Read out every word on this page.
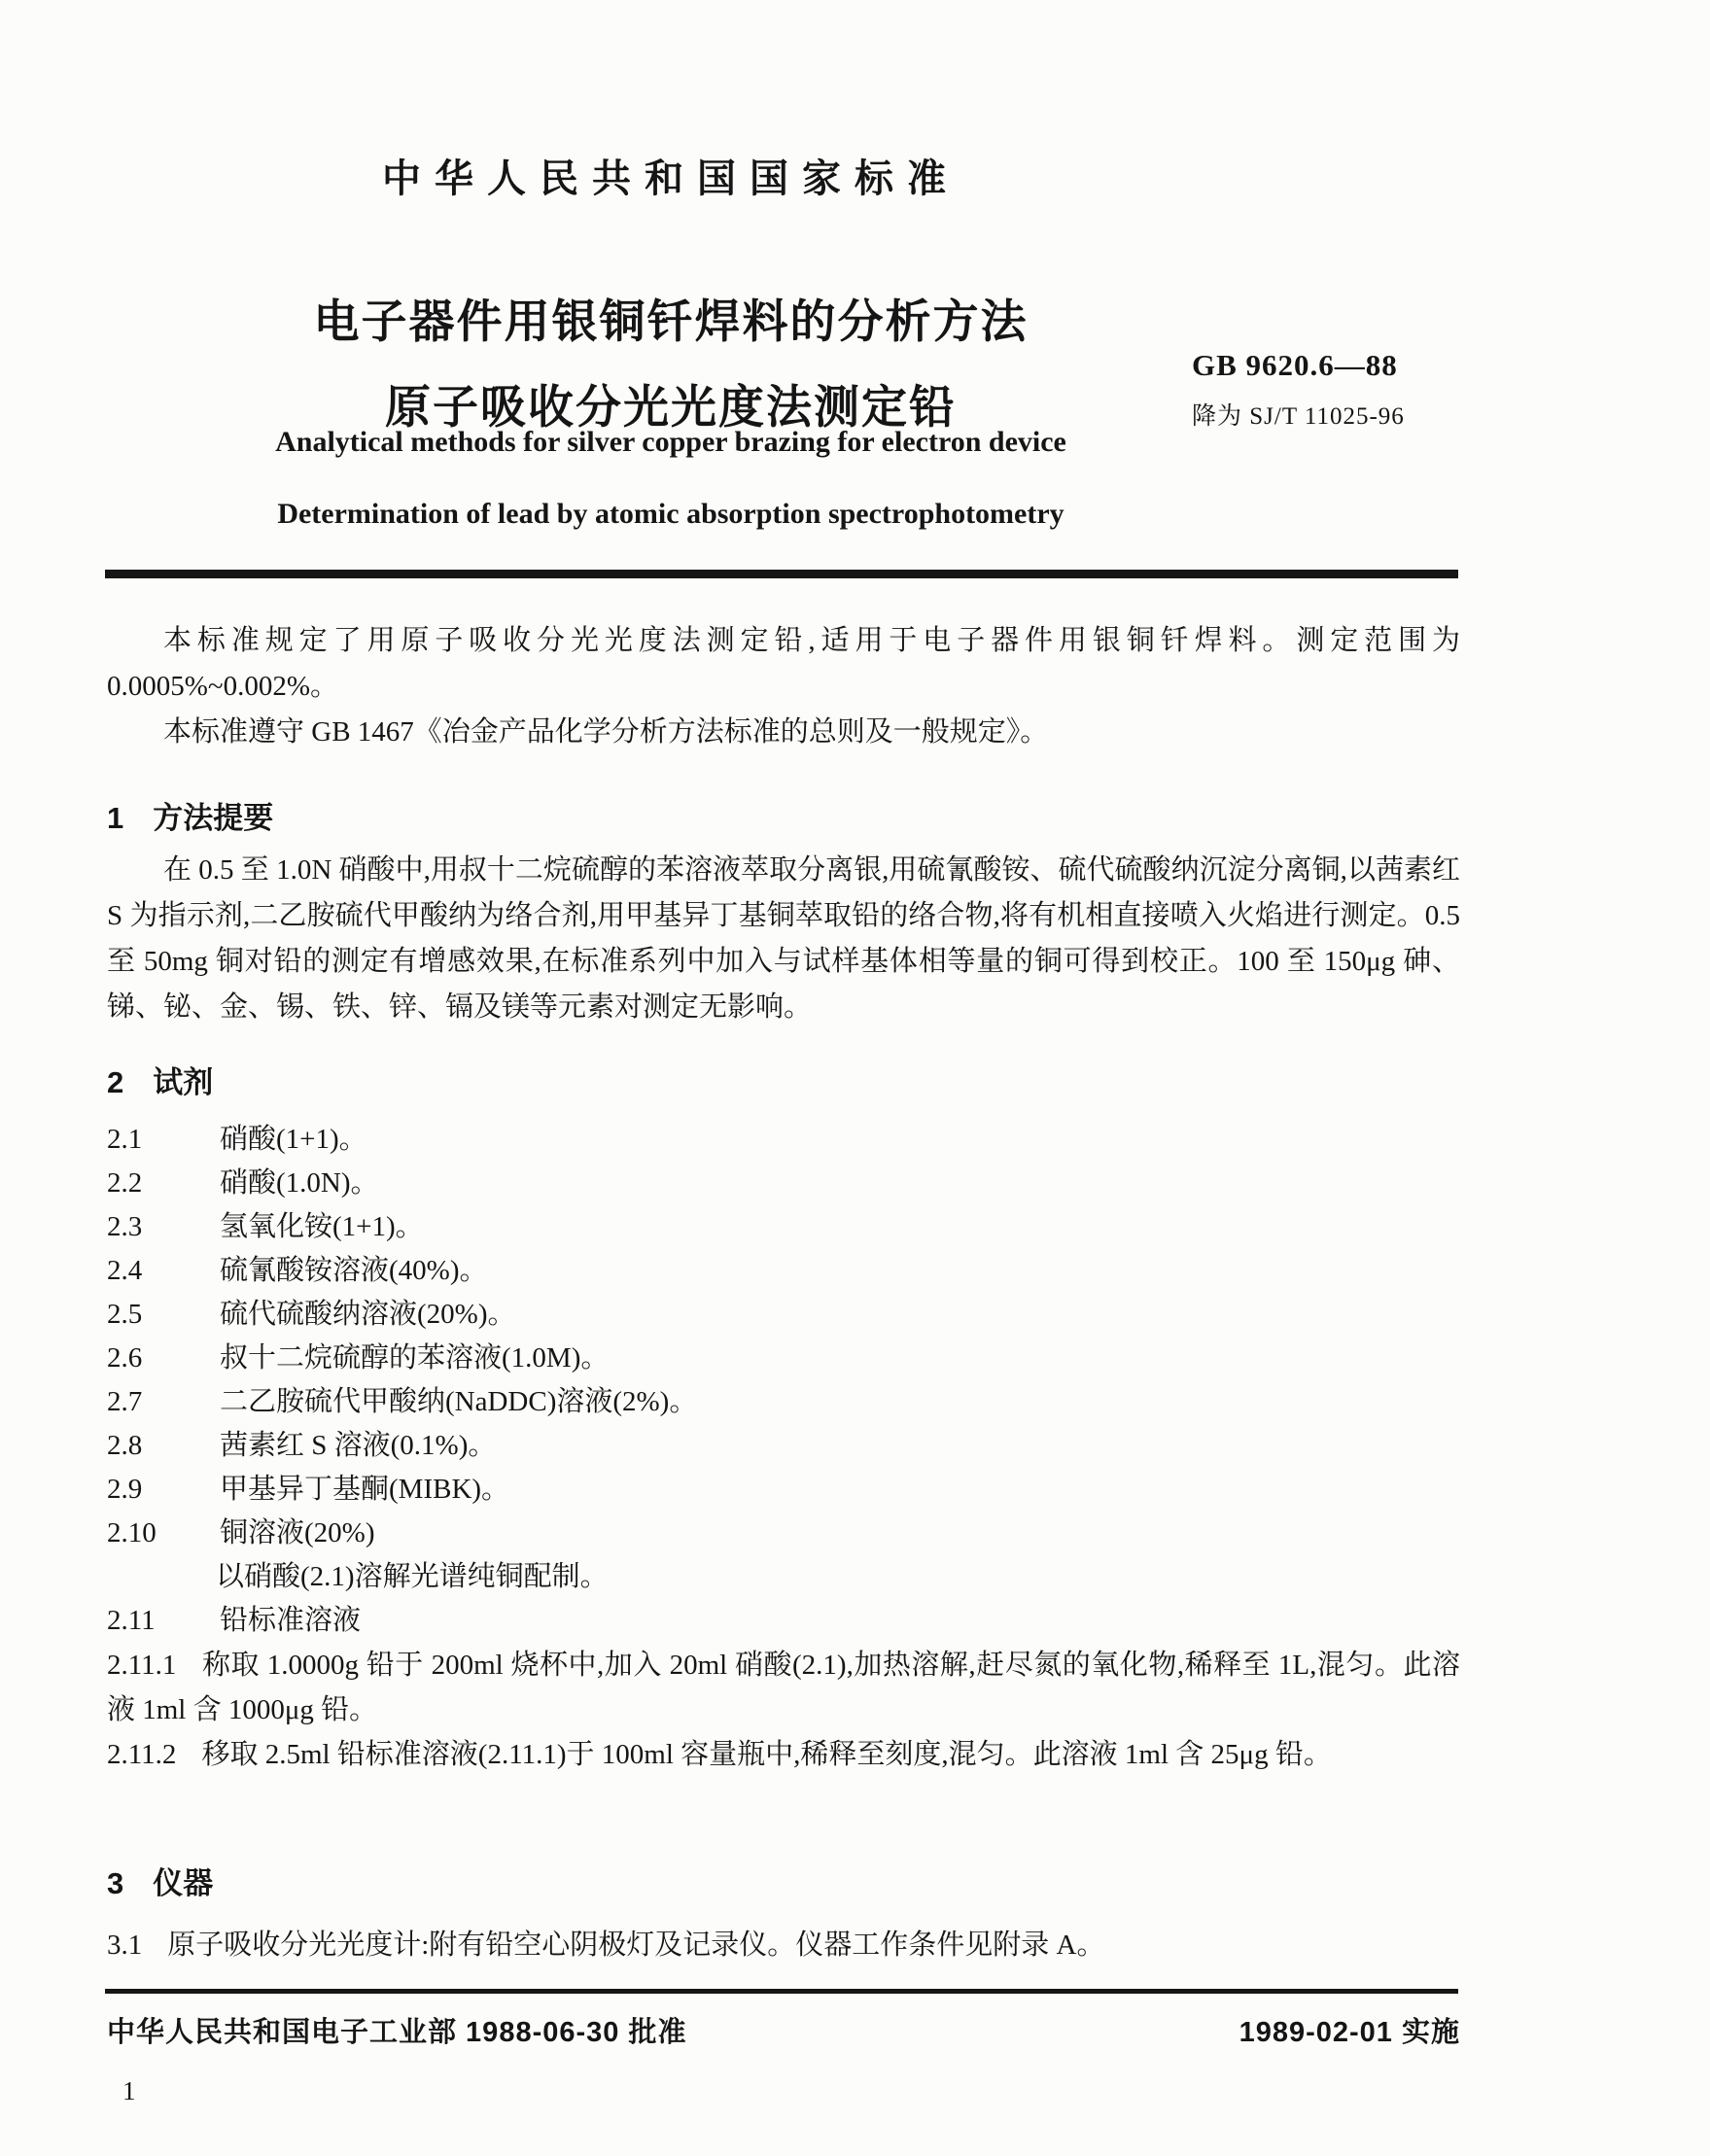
中华人民共和国国家标准
电子器件用银铜钎焊料的分析方法
原子吸收分光光度法测定铅
GB 9620.6—88
降为 SJ/T 11025-96
Analytical methods for silver copper brazing for electron device
Determination of lead by atomic absorption spectrophotometry

本标准规定了用原子吸收分光光度法测定铅,适用于电子器件用银铜钎焊料。测定范围为 0.0005%~0.002%。

本标准遵守 GB 1467《冶金产品化学分析方法标准的总则及一般规定》。

1 方法提要

在 0.5 至 1.0N 硝酸中,用叔十二烷硫醇的苯溶液萃取分离银,用硫氰酸铵、硫代硫酸纳沉淀分离铜,以茜素红 S 为指示剂,二乙胺硫代甲酸纳为络合剂,用甲基异丁基铜萃取铅的络合物,将有机相直接喷入火焰进行测定。0.5 至 50mg 铜对铅的测定有增感效果,在标准系列中加入与试样基体相等量的铜可得到校正。100 至 150μg 砷、锑、铋、金、锡、铁、锌、镉及镁等元素对测定无影响。

2 试剂
2.1	硝酸(1+1)。
2.2	硝酸(1.0N)。
2.3	氢氧化铵(1+1)。
2.4	硫氰酸铵溶液(40%)。
2.5	硫代硫酸纳溶液(20%)。
2.6	叔十二烷硫醇的苯溶液(1.0M)。
2.7	二乙胺硫代甲酸纳(NaDDC)溶液(2%)。
2.8	茜素红 S 溶液(0.1%)。
2.9	甲基异丁基酮(MIBK)。
2.10 铜溶液(20%)
以硝酸(2.1)溶解光谱纯铜配制。
2.11 铅标准溶液

2.11.1 称取 1.0000g 铅于 200ml 烧杯中,加入 20ml 硝酸(2.1),加热溶解,赶尽氮的氧化物,稀释至 1L,混匀。此溶液 1ml 含 1000μg 铅。

2.11.2 移取 2.5ml 铅标准溶液(2.11.1)于 100ml 容量瓶中,稀释至刻度,混匀。此溶液 1ml 含 25μg 铅。

3 仪器
3.1 原子吸收分光光度计:附有铅空心阴极灯及记录仪。仪器工作条件见附录 A。
中华人民共和国电子工业部 1988-06-30 批准	1989-02-01 实施
1
